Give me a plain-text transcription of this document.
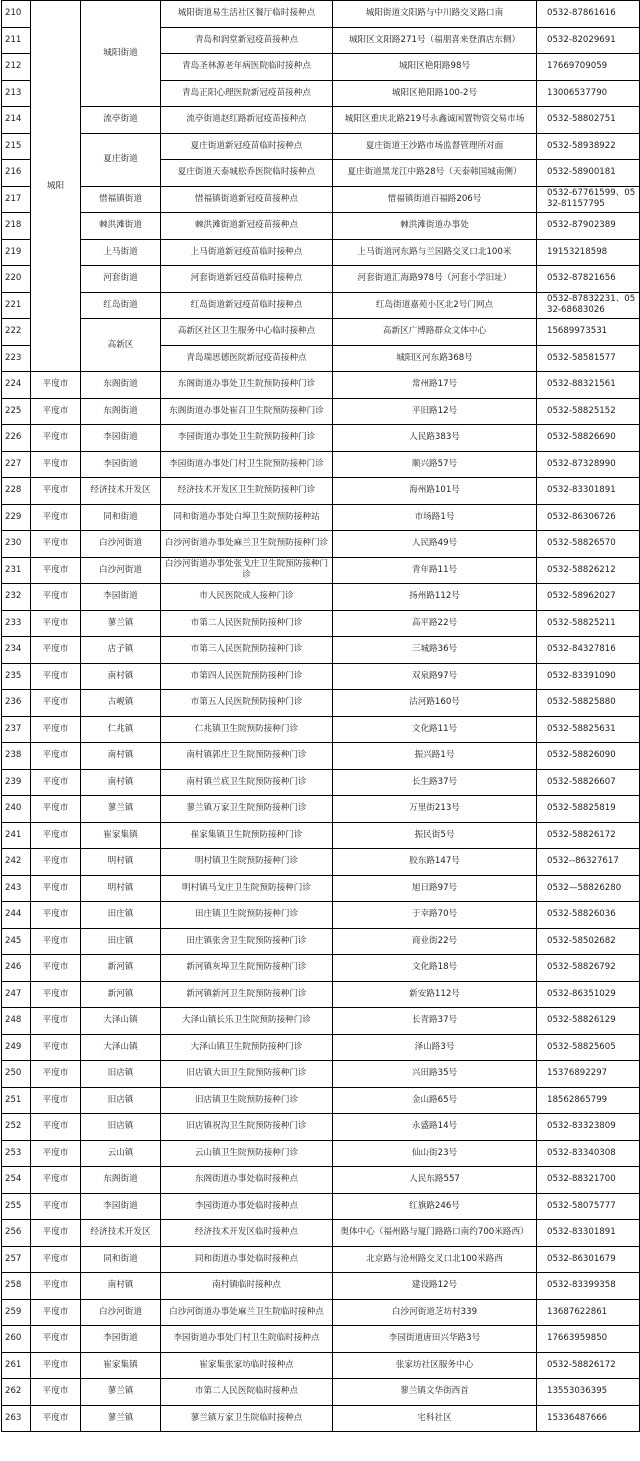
210	城阳	城阳街道	城阳街道易生活社区餐厅临时接种点	城阳街道文阳路与中川路交叉路口南	0532-87861616
211			青岛和润堂新冠疫苗接种点	城阳区文阳路271号（福朋喜来登酒店东侧）	0532-82029691
212			青岛圣林源老年病医院临时接种点	城阳区艳阳路98号	17669709059
213			青岛正阳心理医院新冠疫苗接种点	城阳区艳阳路100-2号	13006537790
214		流亭街道	流亭街道赵红路新冠疫苗接种点	城阳区重庆北路219号永鑫诚闲置物资交易市场	0532-58802751
215		夏庄街道	夏庄街道新冠疫苗临时接种点	夏庄街道王沙路市场监督管理所对面	0532-58938922
216			夏庄街道天泰城松乔医院临时接种点	夏庄街道黑龙江中路28号（天泰韩国城南侧）	0532-58900181
217		惜福镇街道	惜福镇街道新冠疫苗接种点	惜福镇街道百福路206号	0532-67761599、0532-81157795
218		棘洪滩街道	棘洪滩街道新冠疫苗接种点	棘洪滩街道办事处	0532-87902389
219		上马街道	上马街道新冠疫苗临时接种点	上马街道河东路与兰园路交叉口北100米	19153218598
220		河套街道	河套街道新冠疫苗临时接种点	河套街道汇海路978号（河套小学旧址）	0532-87821656
221		红岛街道	红岛街道新冠疫苗临时接种点	红岛街道嘉苑小区北2号门网点	0532-87832231、0532-68683026
222		高新区	高新区社区卫生服务中心临时接种点	高新区广博路群众文体中心	15689973531
223			青岛瑞思德医院新冠疫苗接种点	城阳区河东路368号	0532-58581577
224	平度市	东阁街道	东阁街道办事处卫生院预防接种门诊	常州路17号	0532-88321561
225	平度市	东阁街道	东阁街道办事处崔召卫生院预防接种门诊	平旧路12号	0532-58825152
226	平度市	李园街道	李园街道办事处卫生院预防接种门诊	人民路383号	0532-58826690
227	平度市	李园街道	李园街道办事处门村卫生院预防接种门诊	顺兴路57号	0532-87328990
228	平度市	经济技术开发区	经济技术开发区卫生院预防接种门诊	海州路101号	0532-83301891
229	平度市	同和街道	同和街道办事处白埠卫生院预防接种站	市场路1号	0532-86306726
230	平度市	白沙河街道	白沙河街道办事处麻兰卫生院预防接种门诊	人民路49号	0532-58826570
231	平度市	白沙河街道	白沙河街道办事处张戈庄卫生院预防接种门诊	青年路11号	0532-58826212
232	平度市	李园街道	市人民医院成人接种门诊	扬州路112号	0532-58962027
233	平度市	蓼兰镇	市第二人民医院预防接种门诊	高平路22号	0532-58825211
234	平度市	店子镇	市第三人民医院预防接种门诊	三城路36号	0532-84327816
235	平度市	南村镇	市第四人民医院预防接种门诊	双泉路97号	0532-83391090
236	平度市	古岘镇	市第五人民医院预防接种门诊	沽河路160号	0532-58825880
237	平度市	仁兆镇	仁兆镇卫生院预防接种门诊	文化路11号	0532-58825631
238	平度市	南村镇	南村镇郭庄卫生院预防接种门诊	振兴路1号	0532-58826090
239	平度市	南村镇	南村镇兰底卫生院预防接种门诊	长生路37号	0532-58826607
240	平度市	蓼兰镇	蓼兰镇万家卫生院预防接种门诊	万里街213号	0532-58825819
241	平度市	崔家集镇	崔家集镇卫生院预防接种门诊	振民街5号	0532-58826172
242	平度市	明村镇	明村镇卫生院预防接种门诊	胶东路147号	0532--86327617
243	平度市	明村镇	明村镇马戈庄卫生院预防接种门诊	旭日路97号	0532—58826280
244	平度市	田庄镇	田庄镇卫生院预防接种门诊	于幸路70号	0532-58826036
245	平度市	田庄镇	田庄镇张舍卫生院预防接种门诊	商业街22号	0532-58502682
246	平度市	新河镇	新河镇灰埠卫生院预防接种门诊	文化路18号	0532-58826792
247	平度市	新河镇	新河镇新河卫生院预防接种门诊	新安路112号	0532-86351029
248	平度市	大泽山镇	大泽山镇长乐卫生院预防接种门诊	长青路37号	0532-58826129
249	平度市	大泽山镇	大泽山镇卫生院预防接种门诊	泽山路3号	0532-58825605
250	平度市	旧店镇	旧店镇大田卫生院预防接种门诊	兴田路35号	15376892297
251	平度市	旧店镇	旧店镇卫生院预防接种门诊	金山路65号	18562865799
252	平度市	旧店镇	旧店镇祝沟卫生院预防接种门诊	永盛路14号	0532-83323809
253	平度市	云山镇	云山镇卫生院预防接种门诊	仙山街23号	0532-83340308
254	平度市	东阁街道	东阁街道办事处临时接种点	人民东路557	0532-88321700
255	平度市	李园街道	李园街道办事处临时接种点	红旗路246号	0532-58075777
256	平度市	经济技术开发区	经济技术开发区临时接种点	奥体中心（福州路与厦门路路口南约700米路西）	0532-83301891
257	平度市	同和街道	同和街道办事处临时接种点	北京路与沧州路交叉口北100米路西	0532-86301679
258	平度市	南村镇	南村镇临时接种点	建设路12号	0532-83399358
259	平度市	白沙河街道	白沙河街道办事处麻兰卫生院临时接种点	白沙河街道芝坊村339	13687622861
260	平度市	李园街道	李园街道办事处门村卫生院临时接种点	李园街道唐田兴华路3号	17663959850
261	平度市	崔家集镇	崔家集张家坊临时接种点	张家坊社区服务中心	0532-58826172
262	平度市	蓼兰镇	市第二人民医院临时接种点	蓼兰镇文华街西首	13553036395
263	平度市	蓼兰镇	蓼兰镇万家卫生院临时接种点	宅科社区	15336487666
